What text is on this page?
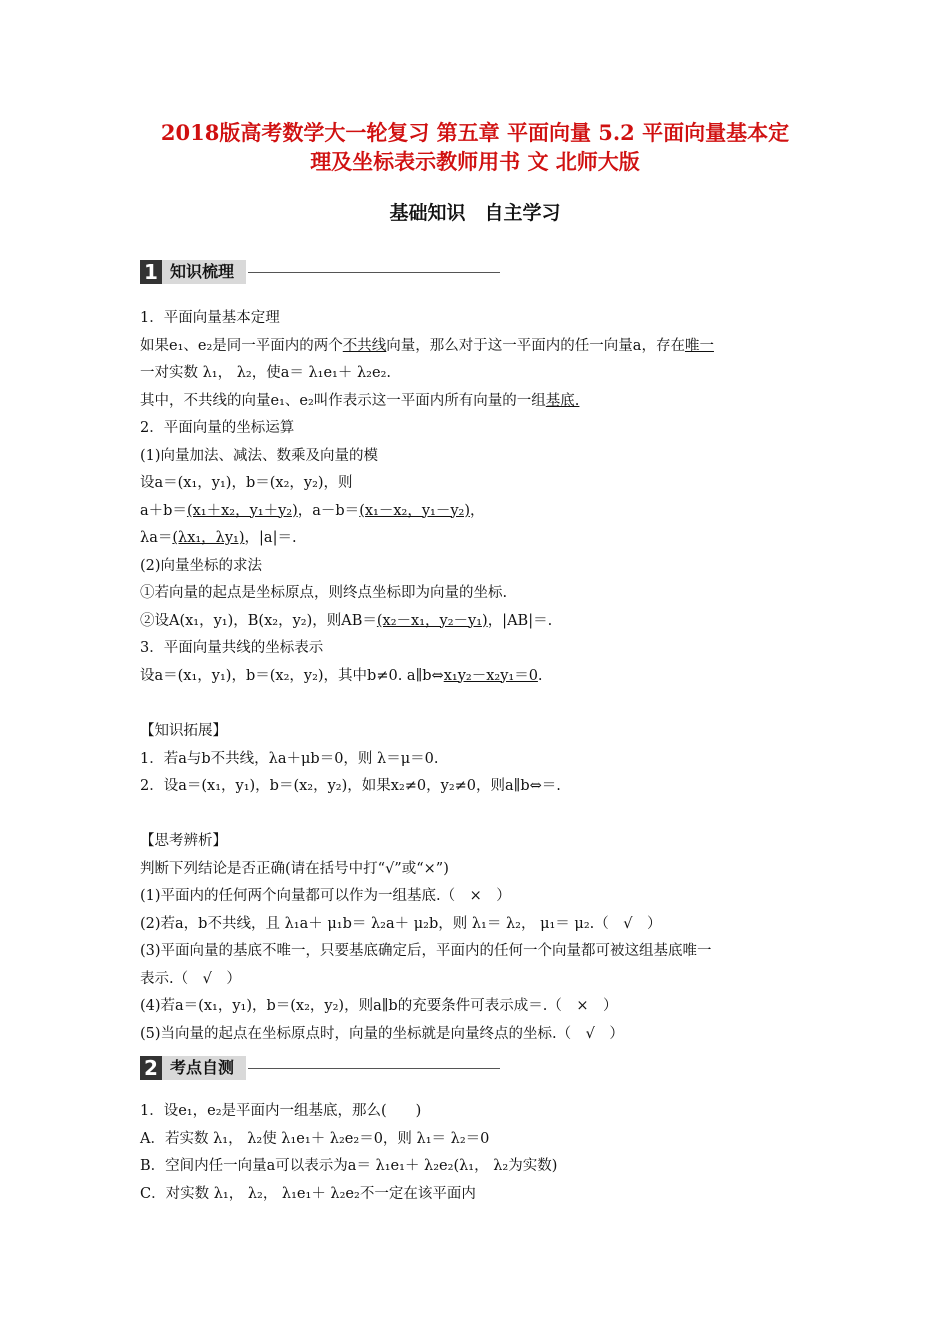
2018版高考数学大一轮复习 第五章 平面向量 5.2 平面向量基本定
理及坐标表示教师用书 文 北师大版
基础知识　自主学习
1 知识梳理

1．平面向量基本定理

如果e₁、e₂是同一平面内的两个不共线向量，那么对于这一平面内的任一向量a，存在唯一

一对实数 λ₁， λ₂，使a＝ λ₁e₁＋ λ₂e₂.

其中，不共线的向量e₁、e₂叫作表示这一平面内所有向量的一组基底.

2．平面向量的坐标运算

(1)向量加法、减法、数乘及向量的模

设a＝(x₁，y₁)，b＝(x₂，y₂)，则

a＋b＝(x₁＋x₂，y₁＋y₂)，a－b＝(x₁－x₂，y₁－y₂)，

λa＝(λx₁，λy₁)，|a|＝.

(2)向量坐标的求法

①若向量的起点是坐标原点，则终点坐标即为向量的坐标.

②设A(x₁，y₁)，B(x₂，y₂)，则AB＝(x₂－x₁，y₂－y₁)，|AB|＝.

3．平面向量共线的坐标表示

设a＝(x₁，y₁)，b＝(x₂，y₂)，其中b≠0. a∥b⇔x₁y₂－x₂y₁＝0.

【知识拓展】

1．若a与b不共线，λa＋μb＝0，则 λ＝μ＝0.

2．设a＝(x₁，y₁)，b＝(x₂，y₂)，如果x₂≠0，y₂≠0，则a∥b⇔＝.

【思考辨析】

判断下列结论是否正确(请在括号中打“√”或“×”)

(1)平面内的任何两个向量都可以作为一组基底.（　×　）

(2)若a，b不共线，且 λ₁a＋ μ₁b＝ λ₂a＋ μ₂b，则 λ₁＝ λ₂， μ₁＝ μ₂.（　√　）

(3)平面向量的基底不唯一，只要基底确定后，平面内的任何一个向量都可被这组基底唯一

表示.（　√　）

(4)若a＝(x₁，y₁)，b＝(x₂，y₂)，则a∥b的充要条件可表示成＝.（　×　）

(5)当向量的起点在坐标原点时，向量的坐标就是向量终点的坐标.（　√　）

2 考点自测

1．设e₁，e₂是平面内一组基底，那么(　　)

A．若实数 λ₁， λ₂使 λ₁e₁＋ λ₂e₂＝0，则 λ₁＝ λ₂＝0

B．空间内任一向量a可以表示为a＝ λ₁e₁＋ λ₂e₂(λ₁， λ₂为实数)

C．对实数 λ₁， λ₂， λ₁e₁＋ λ₂e₂不一定在该平面内
